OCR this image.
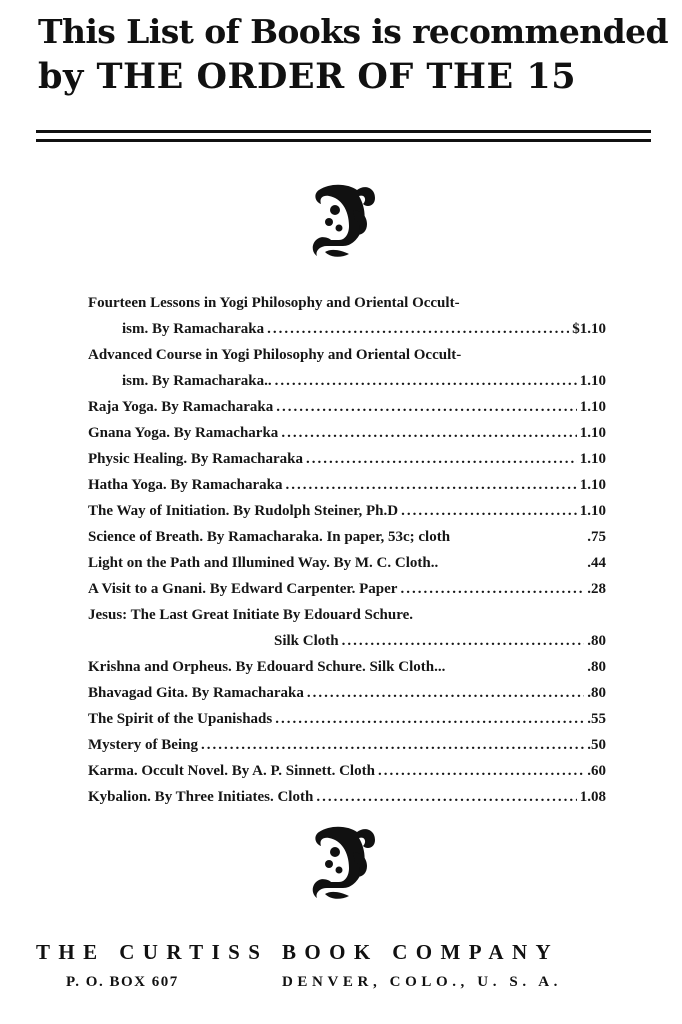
This List of Books is recommended
by THE ORDER OF THE 15
Fourteen Lessons in Yogi Philosophy and Oriental Occult-
ism. By Ramacharaka .....	$1.10
Advanced Course in Yogi Philosophy and Oriental Occult-
ism. By Ramacharaka.. .....	1.10
Raja Yoga. By Ramacharaka .....	1.10
Gnana Yoga. By Ramacharka .....	1.10
Physic Healing. By Ramacharaka .....	1.10
Hatha Yoga. By Ramacharaka .....	1.10
The Way of Initiation. By Rudolph Steiner, Ph.D .....	1.10
Science of Breath. By Ramacharaka. In paper, 53c; cloth	.75
Light on the Path and Illumined Way. By M. C. Cloth..	.44
A Visit to a Gnani. By Edward Carpenter. Paper .....	.28
Jesus: The Last Great Initiate By Edouard Schure.
Silk Cloth .....	.80
Krishna and Orpheus. By Edouard Schure. Silk Cloth...	.80
Bhavagad Gita. By Ramacharaka .....	.80
The Spirit of the Upanishads .....	.55
Mystery of Being .....	.50
Karma. Occult Novel. By A. P. Sinnett. Cloth .....	.60
Kybalion. By Three Initiates. Cloth .....	1.08
THE CURTISS BOOK COMPANY
P. O. BOX 607	DENVER, COLO., U. S. A.
